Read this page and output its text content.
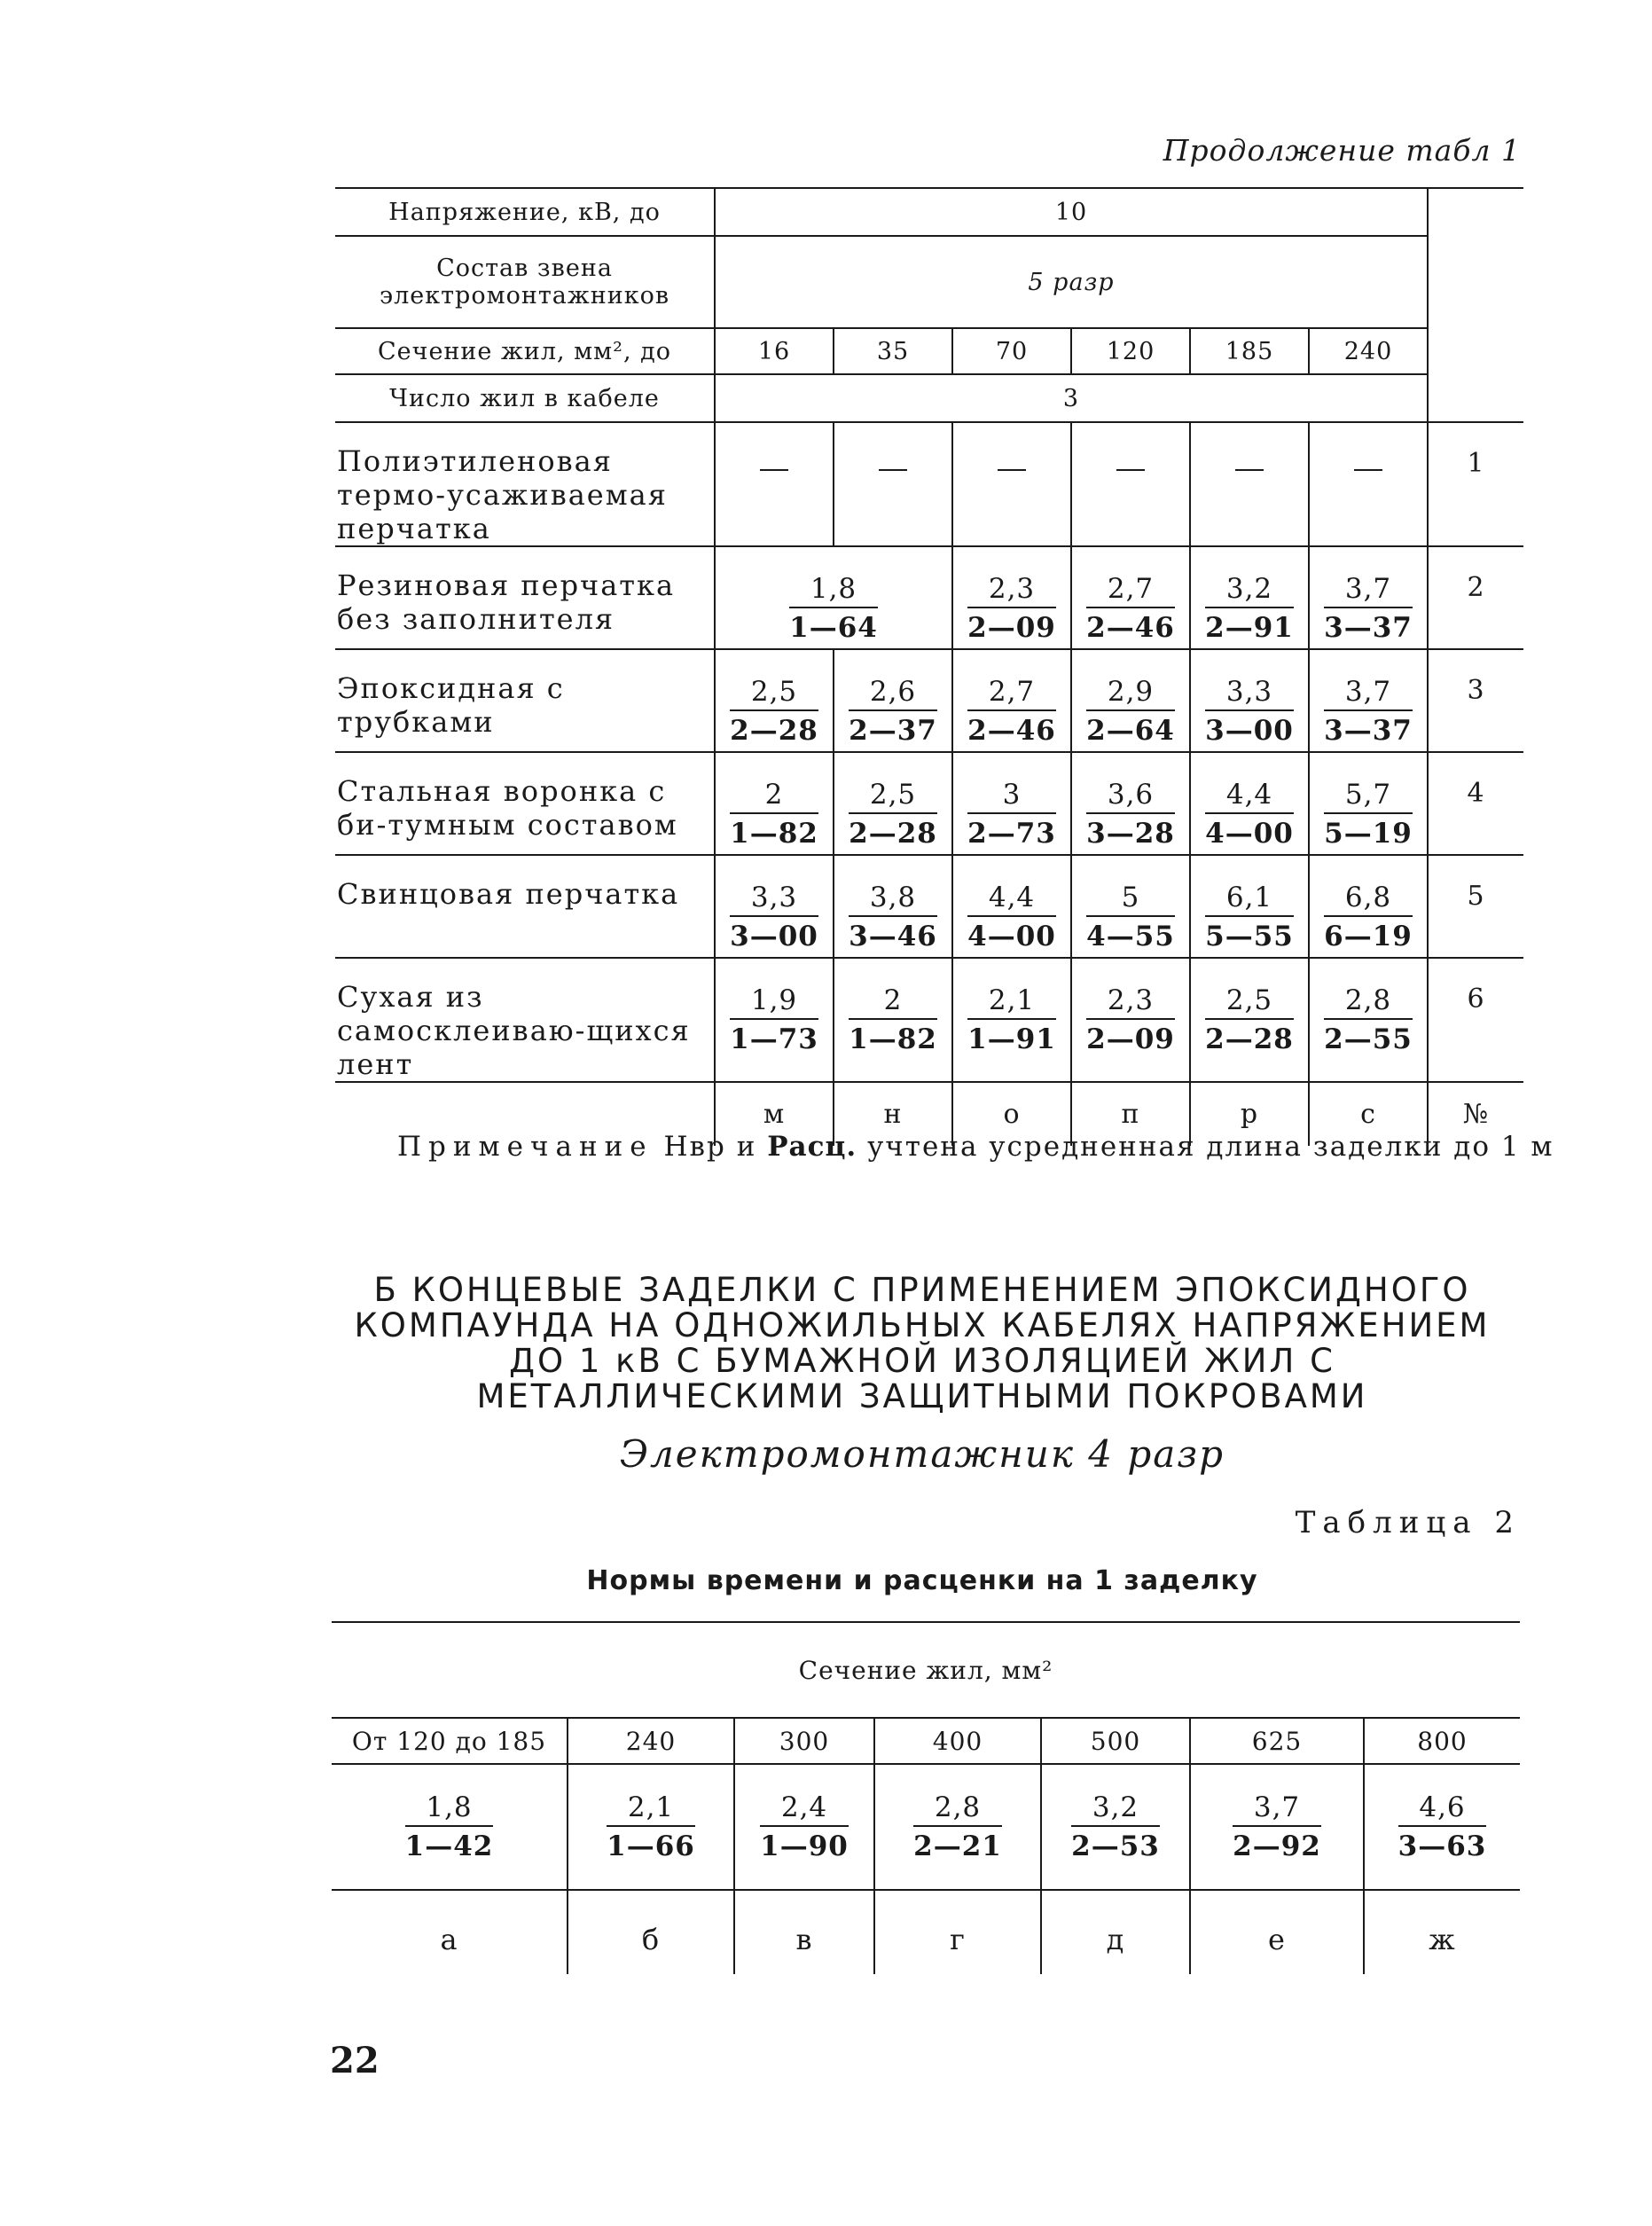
Продолжение табл 1
Напряжение, кВ, до	10						
Состав звена электромонтажников	5 разр						
Сечение жил, мм², до	16	35	70	120	185	240	
Число жил в кабеле	3						
Полиэтиленовая термо-усаживаемая перчатка							1
Резиновая перчатка без заполнителя	$\frac{1,8}{1—64}$		$\frac{2,3}{2—09}$	$\frac{2,7}{2—46}$	$\frac{3,2}{2—91}$	$\frac{3,7}{3—37}$	2
Эпоксидная с трубками	$\frac{2,5}{2—28}$	$\frac{2,6}{2—37}$	$\frac{2,7}{2—46}$	$\frac{2,9}{2—64}$	$\frac{3,3}{3—00}$	$\frac{3,7}{3—37}$	3
Стальная воронка с би-тумным составом	$\frac{2}{1—82}$	$\frac{2,5}{2—28}$	$\frac{3}{2—73}$	$\frac{3,6}{3—28}$	$\frac{4,4}{4—00}$	$\frac{5,7}{5—19}$	4
Свинцовая перчатка	$\frac{3,3}{3—00}$	$\frac{3,8}{3—46}$	$\frac{4,4}{4—00}$	$\frac{5}{4—55}$	$\frac{6,1}{5—55}$	$\frac{6,8}{6—19}$	5
Сухая из самосклеиваю-щихся лент	$\frac{1,9}{1—73}$	$\frac{2}{1—82}$	$\frac{2,1}{1—91}$	$\frac{2,3}{2—09}$	$\frac{2,5}{2—28}$	$\frac{2,8}{2—55}$	6
	м	н	о	п	р	с	№
Примечание Нвр и Расц. учтена усредненная длина заделки до 1 м
Б КОНЦЕВЫЕ ЗАДЕЛКИ С ПРИМЕНЕНИЕМ ЭПОКСИДНОГО
КОМПАУНДА НА ОДНОЖИЛЬНЫХ КАБЕЛЯХ НАПРЯЖЕНИЕМ
ДО 1 кВ С БУМАЖНОЙ ИЗОЛЯЦИЕЙ ЖИЛ С
МЕТАЛЛИЧЕСКИМИ ЗАЩИТНЫМИ ПОКРОВАМИ
Электромонтажник 4 разр
Таблица 2
Нормы времени и расценки на 1 заделку
Сечение жил, мм²						
От 120 до 185	240	300	400	500	625	800

$\frac{1,8}{1—42}$	$\frac{2,1}{1—66}$	$\frac{2,4}{1—90}$	$\frac{2,8}{2—21}$	$\frac{3,2}{2—53}$	$\frac{3,7}{2—92}$	$\frac{4,6}{3—63}$

а	б	в	г	д	е	ж
22
